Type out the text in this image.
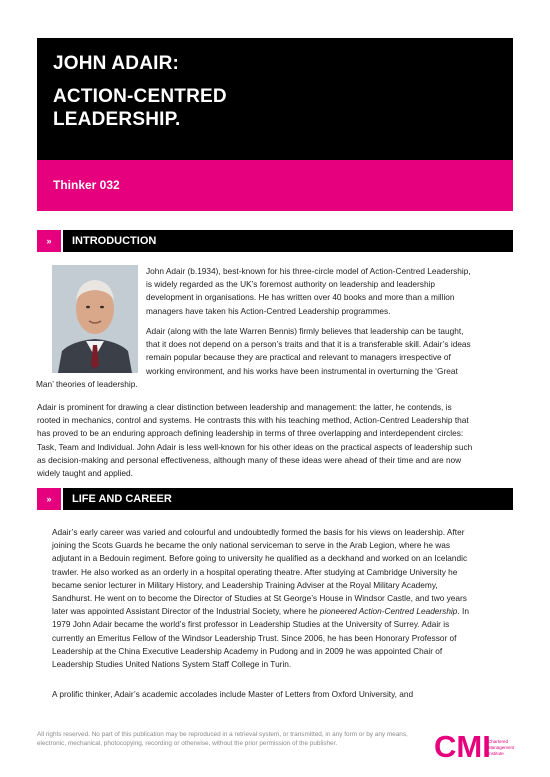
JOHN ADAIR:
ACTION-CENTRED
LEADERSHIP.
Thinker 032
»	INTRODUCTION

John Adair (b.1934), best-known for his three-circle model of Action-Centred Leadership, is widely regarded as the UK’s foremost authority on leadership and leadership development in organisations. He has written over 40 books and more than a million managers have taken his Action-Centred Leadership programmes.

Adair (along with the late Warren Bennis) firmly believes that leadership can be taught, that it does not depend on a person’s traits and that it is a transferable skill. Adair’s ideas remain popular because they are practical and relevant to managers irrespective of working environment, and his works have been instrumental in overturning the ‘Great Man’ theories of leadership.

Adair is prominent for drawing a clear distinction between leadership and management: the latter, he contends, is rooted in mechanics, control and systems. He contrasts this with his teaching method, Action-Centred Leadership that has proved to be an enduring approach defining leadership in terms of three overlapping and interdependent circles: Task, Team and Individual. John Adair is less well-known for his other ideas on the practical aspects of leadership such as decision-making and personal effectiveness, although many of these ideas were ahead of their time and are now widely taught and applied.

»	LIFE AND CAREER

Adair’s early career was varied and colourful and undoubtedly formed the basis for his views on leadership. After joining the Scots Guards he became the only national serviceman to serve in the Arab Legion, where he was adjutant in a Bedouin regiment. Before going to university he qualified as a deckhand and worked on an Icelandic trawler. He also worked as an orderly in a hospital operating theatre. After studying at Cambridge University he became senior lecturer in Military History, and Leadership Training Adviser at the Royal Military Academy, Sandhurst. He went on to become the Director of Studies at St George’s House in Windsor Castle, and two years later was appointed Assistant Director of the Industrial Society, where he pioneered Action-Centred Leadership. In 1979 John Adair became the world’s first professor in Leadership Studies at the University of Surrey. Adair is currently an Emeritus Fellow of the Windsor Leadership Trust. Since 2006, he has been Honorary Professor of Leadership at the China Executive Leadership Academy in Pudong and in 2009 he was appointed Chair of Leadership Studies United Nations System Staff College in Turin.

A prolific thinker, Adair’s academic accolades include Master of Letters from Oxford University, and

All rights reserved. No part of this publication may be reproduced in a retrieval system, or transmitted, in any form or by any means, electronic, mechanical, photocopying, recording or otherwise, without the prior permission of the publisher.	CMI
Chartered
Management
Institute
